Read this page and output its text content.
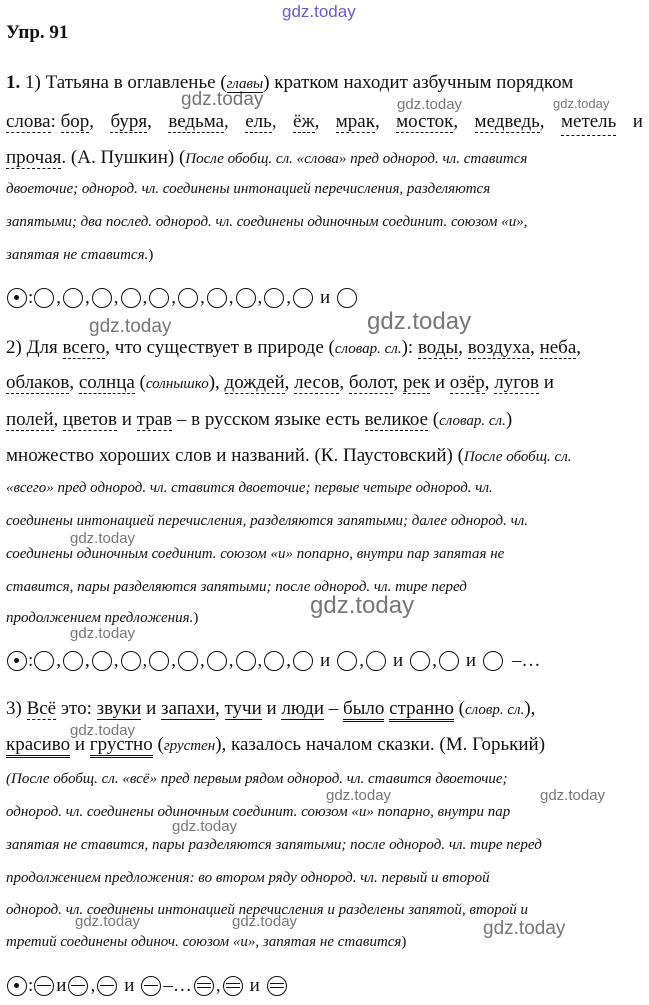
gdz.today
gdz.today	gdz.today	gdz.today
gdz.today	gdz.today
gdz.today
gdz.today
gdz.today
gdz.today
gdz.today	gdz.today
gdz.today
gdz.today	gdz.today	gdz.today
Упр. 91
1. 1) Татьяна в оглавленье (главы) кратком находит азбучным порядком
слова: бор, буря, ведьма, ель, ёж, мрак, мосток, медведь, метель и
прочая. (А. Пушкин) (После обобщ. сл. «слова» пред однород. чл. ставится
двоеточие; однород. чл. соединены интонацией перечисления, разделяются
запятыми; два послед. однород. чл. соединены одиночным соединит. союзом «и»,
запятая не ставится.)
: , , , , , , , , , и
2) Для всего, что существует в природе (словар. сл.): воды, воздуха, неба,
облаков, солнца (солнышко), дождей, лесов, болот, рек и озёр, лугов и
полей, цветов и трав – в русском языке есть великое (словар. сл.)
множество хороших слов и названий. (К. Паустовский) (После обобщ. сл.
«всего» пред однород. чл. ставится двоеточие; первые четыре однород. чл.
соединены интонацией перечисления, разделяются запятыми; далее однород. чл.
соединены одиночным соединит. союзом «и» попарно, внутри пар запятая не
ставится, пары разделяются запятыми; после однород. чл. тире перед
продолжением предложения.)
: , , , , , , , , , и , и , и –…
3) Всё это: звуки и запахи, тучи и люди – было странно (словр. сл.),
красиво и грустно (грустен), казалось началом сказки. (М. Горький)
(После обобщ. сл. «всё» пред первым рядом однород. чл. ставится двоеточие;
однород. чл. соединены одиночным соединит. союзом «и» попарно, внутри пар
запятая не ставится, пары разделяются запятыми; после однород. чл. тире перед
продолжением предложения: во втором ряду однород. чл. первый и второй
однород. чл. соединены интонацией перечисления и разделены запятой, второй и
третий соединены одиноч. союзом «и», запятая не ставится)
: и , и –… , и
